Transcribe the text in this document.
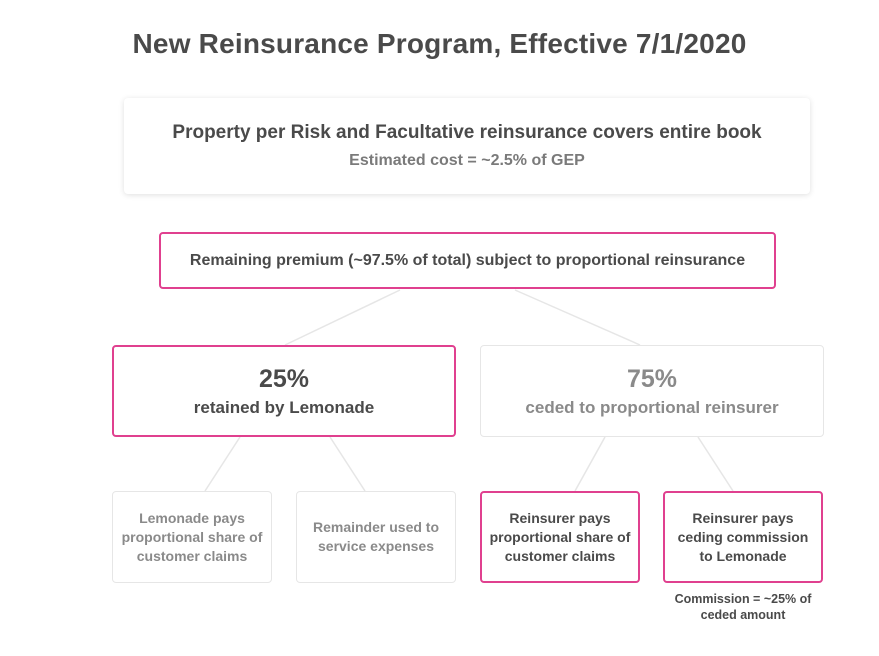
New Reinsurance Program, Effective 7/1/2020
Property per Risk and Facultative reinsurance covers entire book
Estimated cost = ~2.5% of GEP
Remaining premium (~97.5% of total) subject to proportional reinsurance
25%
retained by Lemonade
75%
ceded to proportional reinsurer
Lemonade pays proportional share of customer claims
Remainder used to service expenses
Reinsurer pays proportional share of customer claims
Reinsurer pays ceding commission to Lemonade
Commission = ~25% of ceded amount
